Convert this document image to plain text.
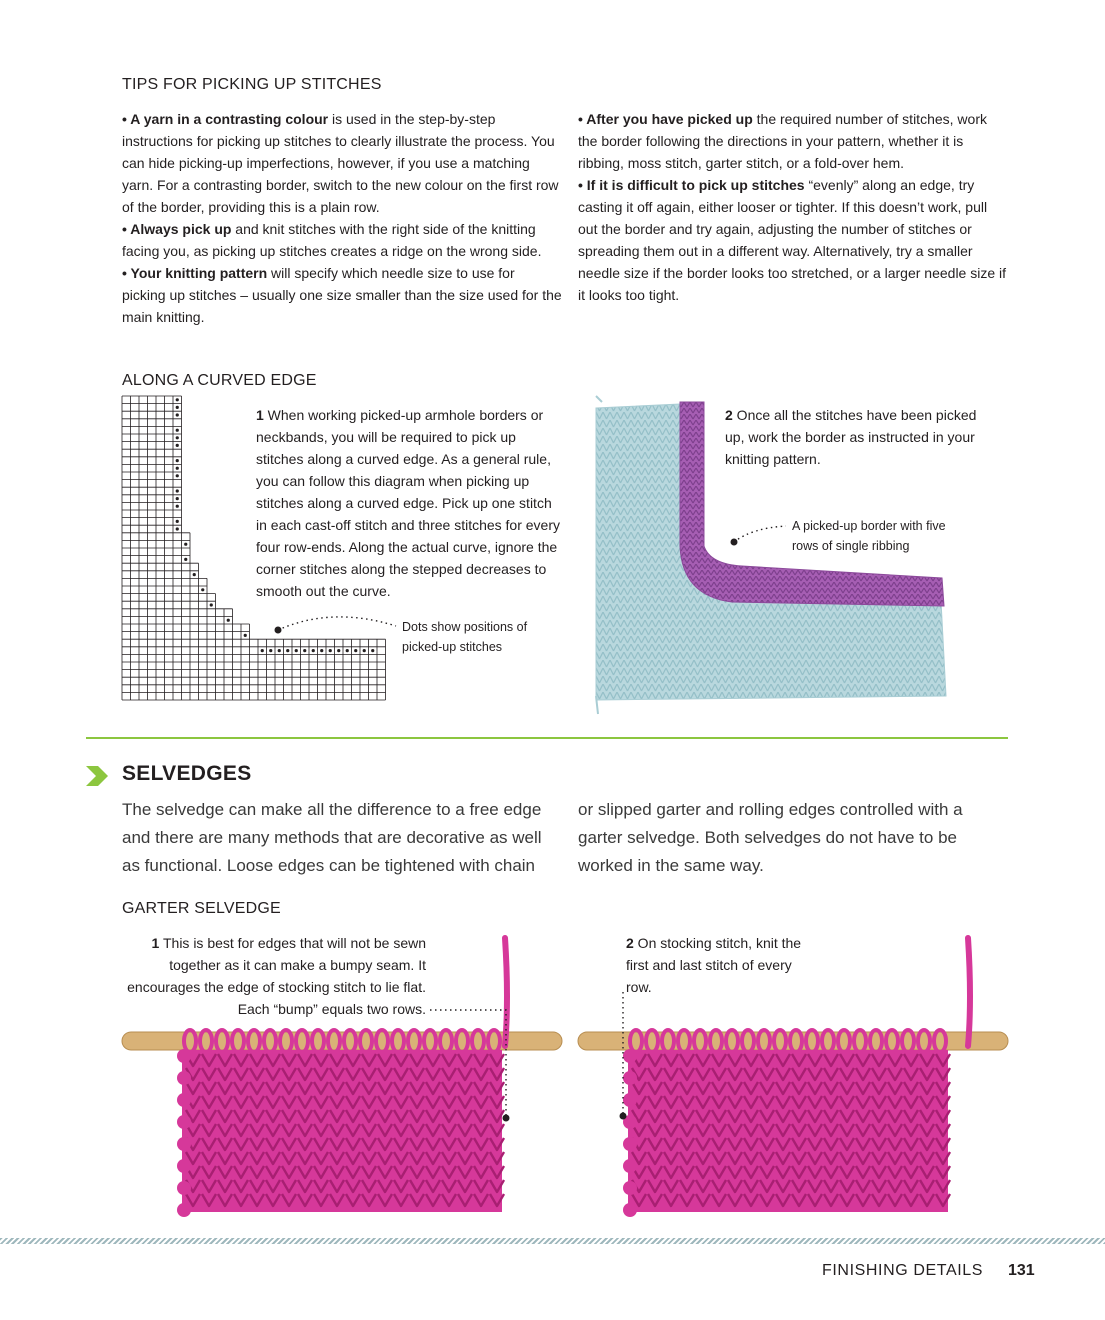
TIPS FOR PICKING UP STITCHES

• A yarn in a contrasting colour is used in the step-by-step instructions for picking up stitches to clearly illustrate the process. You can hide picking-up imperfections, however, if you use a matching yarn. For a contrasting border, switch to the new colour on the first row of the border, providing this is a plain row.

• Always pick up and knit stitches with the right side of the knitting facing you, as picking up stitches creates a ridge on the wrong side.

• Your knitting pattern will specify which needle size to use for picking up stitches – usually one size smaller than the size used for the main knitting.

• After you have picked up the required number of stitches, work the border following the directions in your pattern, whether it is ribbing, moss stitch, garter stitch, or a fold-over hem.

• If it is difficult to pick up stitches “evenly” along an edge, try casting it off again, either looser or tighter. If this doesn’t work, pull out the border and try again, adjusting the number of stitches or spreading them out in a different way. Alternatively, try a smaller needle size if the border looks too stretched, or a larger needle size if it looks too tight.

ALONG A CURVED EDGE
1 When working picked-up armhole borders or neckbands, you will be required to pick up stitches along a curved edge. As a general rule, you can follow this diagram when picking up stitches along a curved edge. Pick up one stitch in each cast-off stitch and three stitches for every four row-ends. Along the actual curve, ignore the corner stitches along the stepped decreases to smooth out the curve.
Dots show positions of picked-up stitches
2 Once all the stitches have been picked up, work the border as instructed in your knitting pattern.
A picked-up border with five rows of single ribbing
SELVEDGES
The selvedge can make all the difference to a free edge and there are many methods that are decorative as well as functional. Loose edges can be tightened with chain
or slipped garter and rolling edges controlled with a garter selvedge. Both selvedges do not have to be worked in the same way.
GARTER SELVEDGE
1 This is best for edges that will not be sewn together as it can make a bumpy seam. It encourages the edge of stocking stitch to lie flat. Each “bump” equals two rows.
2 On stocking stitch, knit the first and last stitch of every row.
FINISHING DETAILS 131
